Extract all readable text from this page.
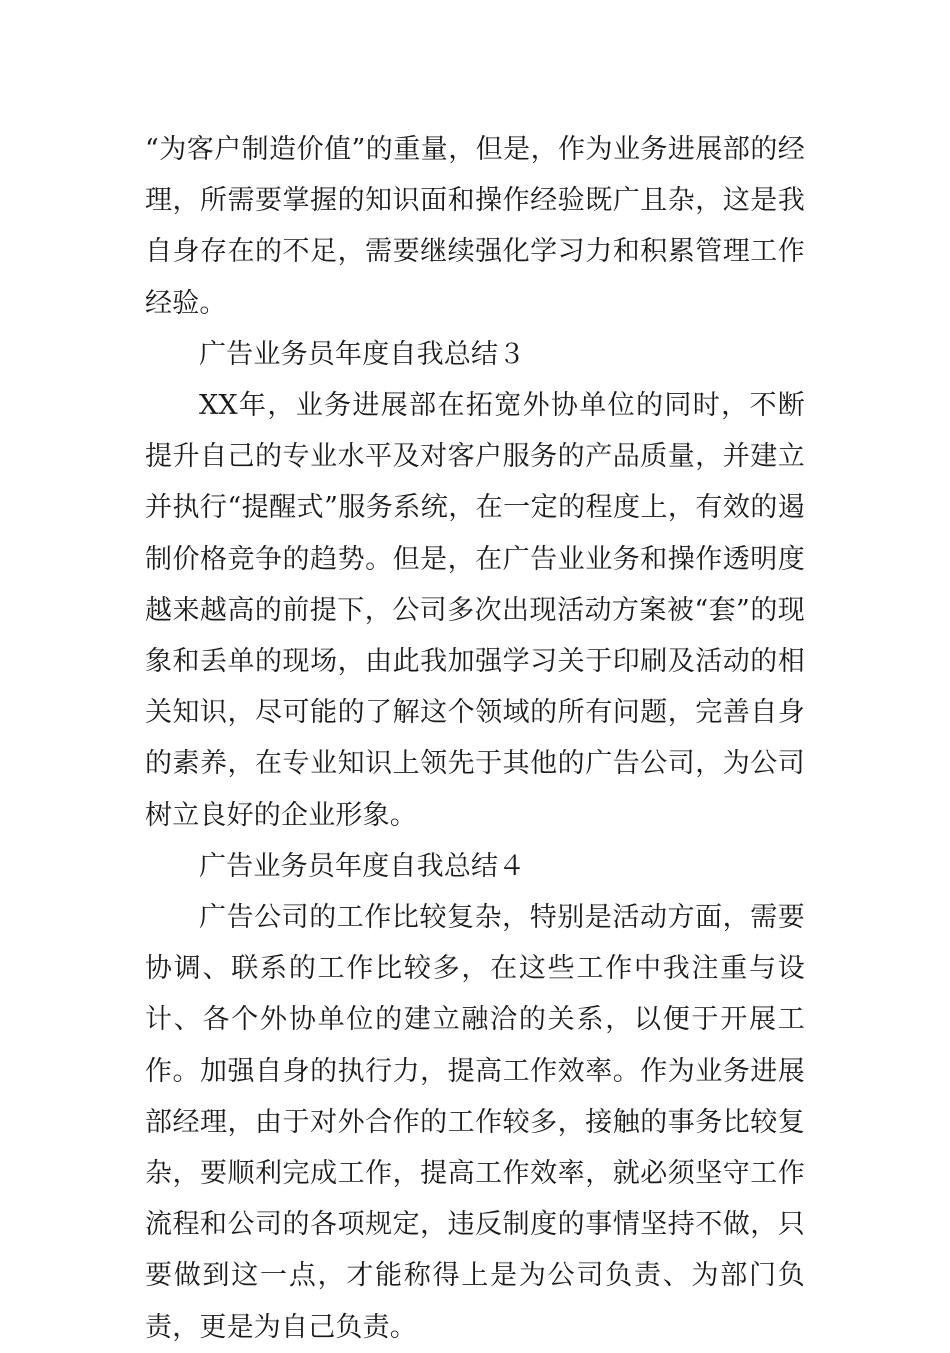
“为客户制造价值”的重量，但是，作为业务进展部的经理，所需要掌握的知识面和操作经验既广且杂，这是我自身存在的不足，需要继续强化学习力和积累管理工作经验。

广告业务员年度自我总结３

XX年，业务进展部在拓宽外协单位的同时，不断提升自己的专业水平及对客户服务的产品质量，并建立并执行“提醒式”服务系统，在一定的程度上，有效的遏制价格竞争的趋势。但是，在广告业业务和操作透明度越来越高的前提下，公司多次出现活动方案被“套”的现象和丢单的现场，由此我加强学习关于印刷及活动的相关知识，尽可能的了解这个领域的所有问题，完善自身的素养，在专业知识上领先于其他的广告公司，为公司树立良好的企业形象。

广告业务员年度自我总结４

广告公司的工作比较复杂，特别是活动方面，需要协调、联系的工作比较多，在这些工作中我注重与设计、各个外协单位的建立融洽的关系，以便于开展工作。加强自身的执行力，提高工作效率。作为业务进展部经理，由于对外合作的工作较多，接触的事务比较复杂，要顺利完成工作，提高工作效率，就必须坚守工作流程和公司的各项规定，违反制度的事情坚持不做，只要做到这一点，才能称得上是为公司负责、为部门负责，更是为自己负责。
